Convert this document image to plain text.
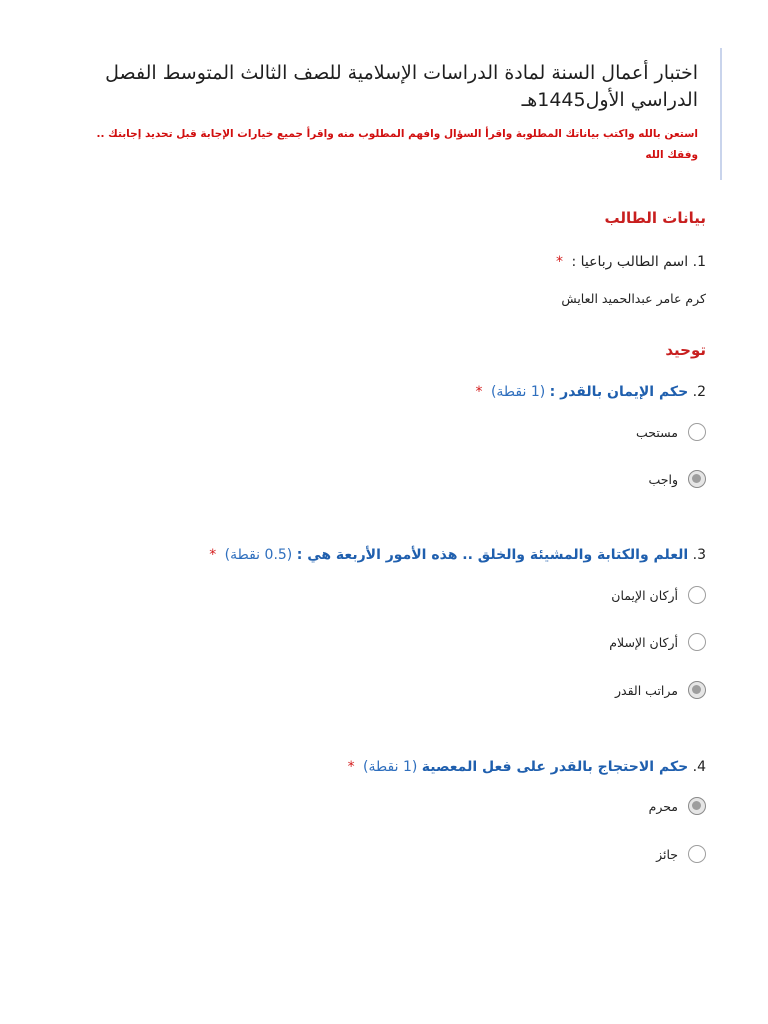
اختبار أعمال السنة لمادة الدراسات الإسلامية للصف الثالث المتوسط الفصل الدراسي الأول1445هـ
استعن بالله واكتب بياناتك المطلوبة واقرأ السؤال وافهم المطلوب منه واقرأ جميع خيارات الإجابة قبل تحديد إجابتك .. وفقك الله
بيانات الطالب
1. اسم الطالب رباعيا : *
كرم عامر عبدالحميد العايش
توحيد
2. حكم الإيمان بالقدر : (1 نقطة) *
مستحب
واجب
3. العلم والكتابة والمشيئة والخلق .. هذه الأمور الأربعة هي : (0.5 نقطة) *
أركان الإيمان
أركان الإسلام
مراتب القدر
4. حكم الاحتجاج بالقدر على فعل المعصية (1 نقطة) *
محرم
جائز
